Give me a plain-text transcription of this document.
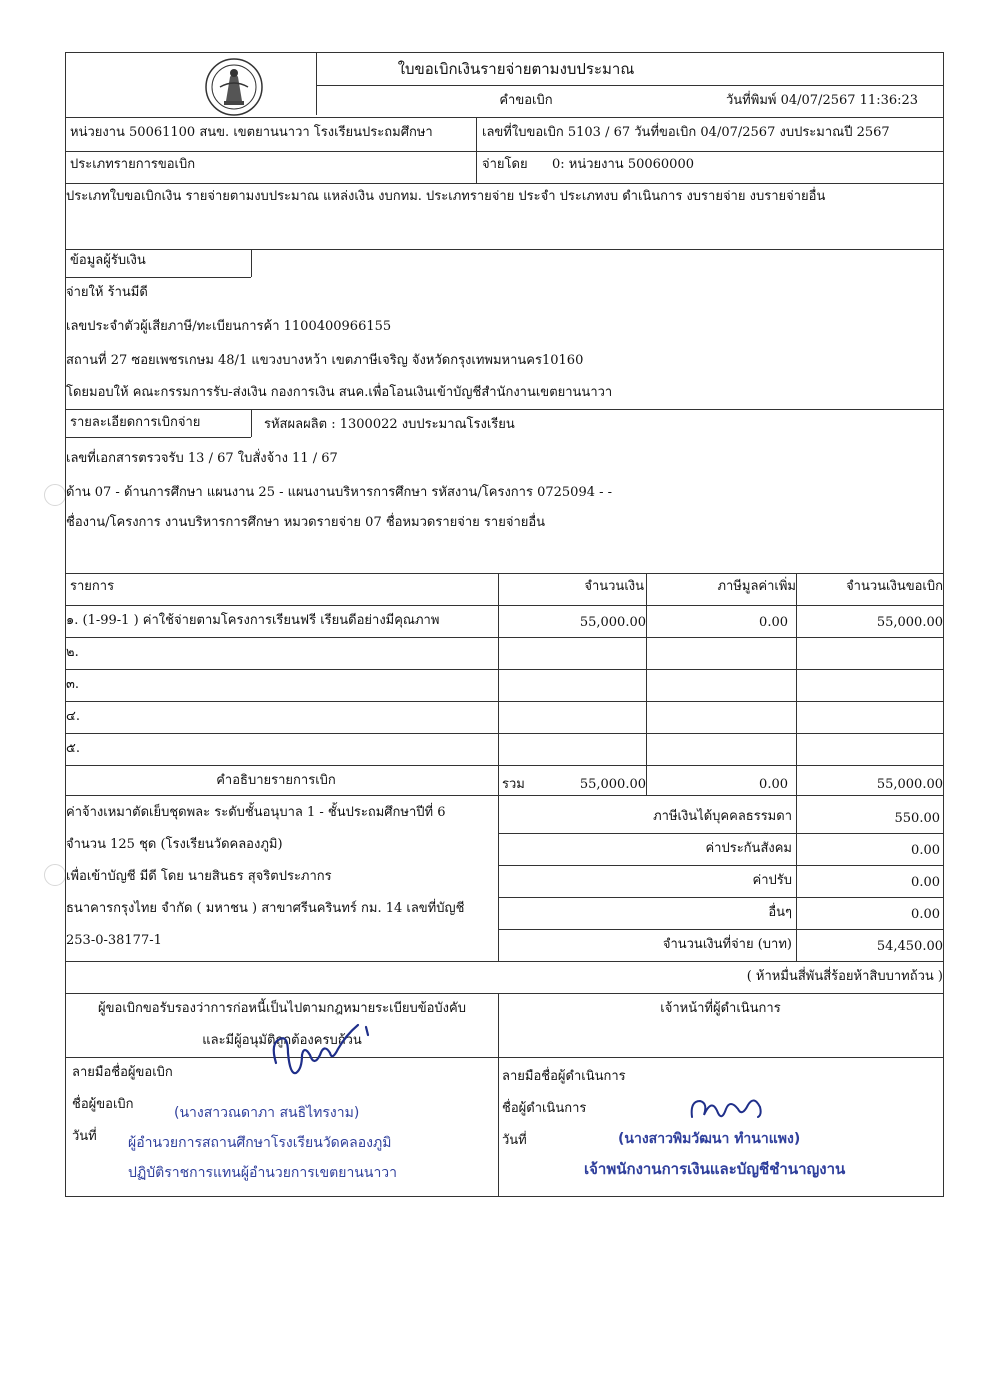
ใบขอเบิกเงินรายจ่ายตามงบประมาณ
คำขอเบิก	วันที่พิมพ์ 04/07/2567 11:36:23
หน่วยงาน 50061100 สนข. เขตยานนาวา โรงเรียนประถมศึกษา	เลขที่ใบขอเบิก 5103 / 67 วันที่ขอเบิก 04/07/2567 งบประมาณปี 2567
ประเภทรายการขอเบิก	จ่ายโดย 0: หน่วยงาน 50060000
ประเภทใบขอเบิกเงิน รายจ่ายตามงบประมาณ แหล่งเงิน งบกทม. ประเภทรายจ่าย ประจำ ประเภทงบ ดำเนินการ งบรายจ่าย งบรายจ่ายอื่น
ข้อมูลผู้รับเงิน
จ่ายให้ ร้านมีดี
เลขประจำตัวผู้เสียภาษี/ทะเบียนการค้า 1100400966155
สถานที่ 27 ซอยเพชรเกษม 48/1 แขวงบางหว้า เขตภาษีเจริญ จังหวัดกรุงเทพมหานคร10160
โดยมอบให้ คณะกรรมการรับ-ส่งเงิน กองการเงิน สนค.เพื่อโอนเงินเข้าบัญชีสำนักงานเขตยานนาวา
รายละเอียดการเบิกจ่าย	รหัสผลผลิต : 1300022 งบประมาณโรงเรียน
เลขที่เอกสารตรวจรับ 13 / 67 ใบสั่งจ้าง 11 / 67
ด้าน 07 - ด้านการศึกษา แผนงาน 25 - แผนงานบริหารการศึกษา รหัสงาน/โครงการ 0725094 - -
ชื่องาน/โครงการ งานบริหารการศึกษา หมวดรายจ่าย 07 ชื่อหมวดรายจ่าย รายจ่ายอื่น
รายการ	จำนวนเงิน	ภาษีมูลค่าเพิ่ม	จำนวนเงินขอเบิก
๑. (1-99-1 ) ค่าใช้จ่ายตามโครงการเรียนฟรี เรียนดีอย่างมีคุณภาพ	55,000.00	0.00	55,000.00
๒.
๓.
๔.
๕.
คำอธิบายรายการเบิก	รวม	55,000.00	0.00	55,000.00
ค่าจ้างเหมาตัดเย็บชุดพละ ระดับชั้นอนุบาล 1 - ชั้นประถมศึกษาปีที่ 6
จำนวน 125 ชุด (โรงเรียนวัดคลองภูมิ)
เพื่อเข้าบัญชี มีดี โดย นายสินธร สุจริตประภากร
ธนาคารกรุงไทย จำกัด ( มหาชน ) สาขาศรีนครินทร์ กม. 14 เลขที่บัญชี
253-0-38177-1
ภาษีเงินได้บุคคลธรรมดา	550.00
ค่าประกันสังคม	0.00
ค่าปรับ	0.00
อื่นๆ	0.00
จำนวนเงินที่จ่าย (บาท)	54,450.00
( ห้าหมื่นสี่พันสี่ร้อยห้าสิบบาทถ้วน )
ผู้ขอเบิกขอรับรองว่าการก่อหนี้เป็นไปตามกฎหมายระเบียบข้อบังคับ
และมีผู้อนุมัติถูกต้องครบถ้วน
เจ้าหน้าที่ผู้ดำเนินการ
ลายมือชื่อผู้ขอเบิก
ชื่อผู้ขอเบิก
วันที่
(นางสาวณดาภา สนธิไทรงาม)
ผู้อำนวยการสถานศึกษาโรงเรียนวัดคลองภูมิ
ปฏิบัติราชการแทนผู้อำนวยการเขตยานนาวา
ลายมือชื่อผู้ดำเนินการ
ชื่อผู้ดำเนินการ
วันที่	(นางสาวพิมวัฒนา ทำนาแพง)
เจ้าพนักงานการเงินและบัญชีชำนาญงาน
